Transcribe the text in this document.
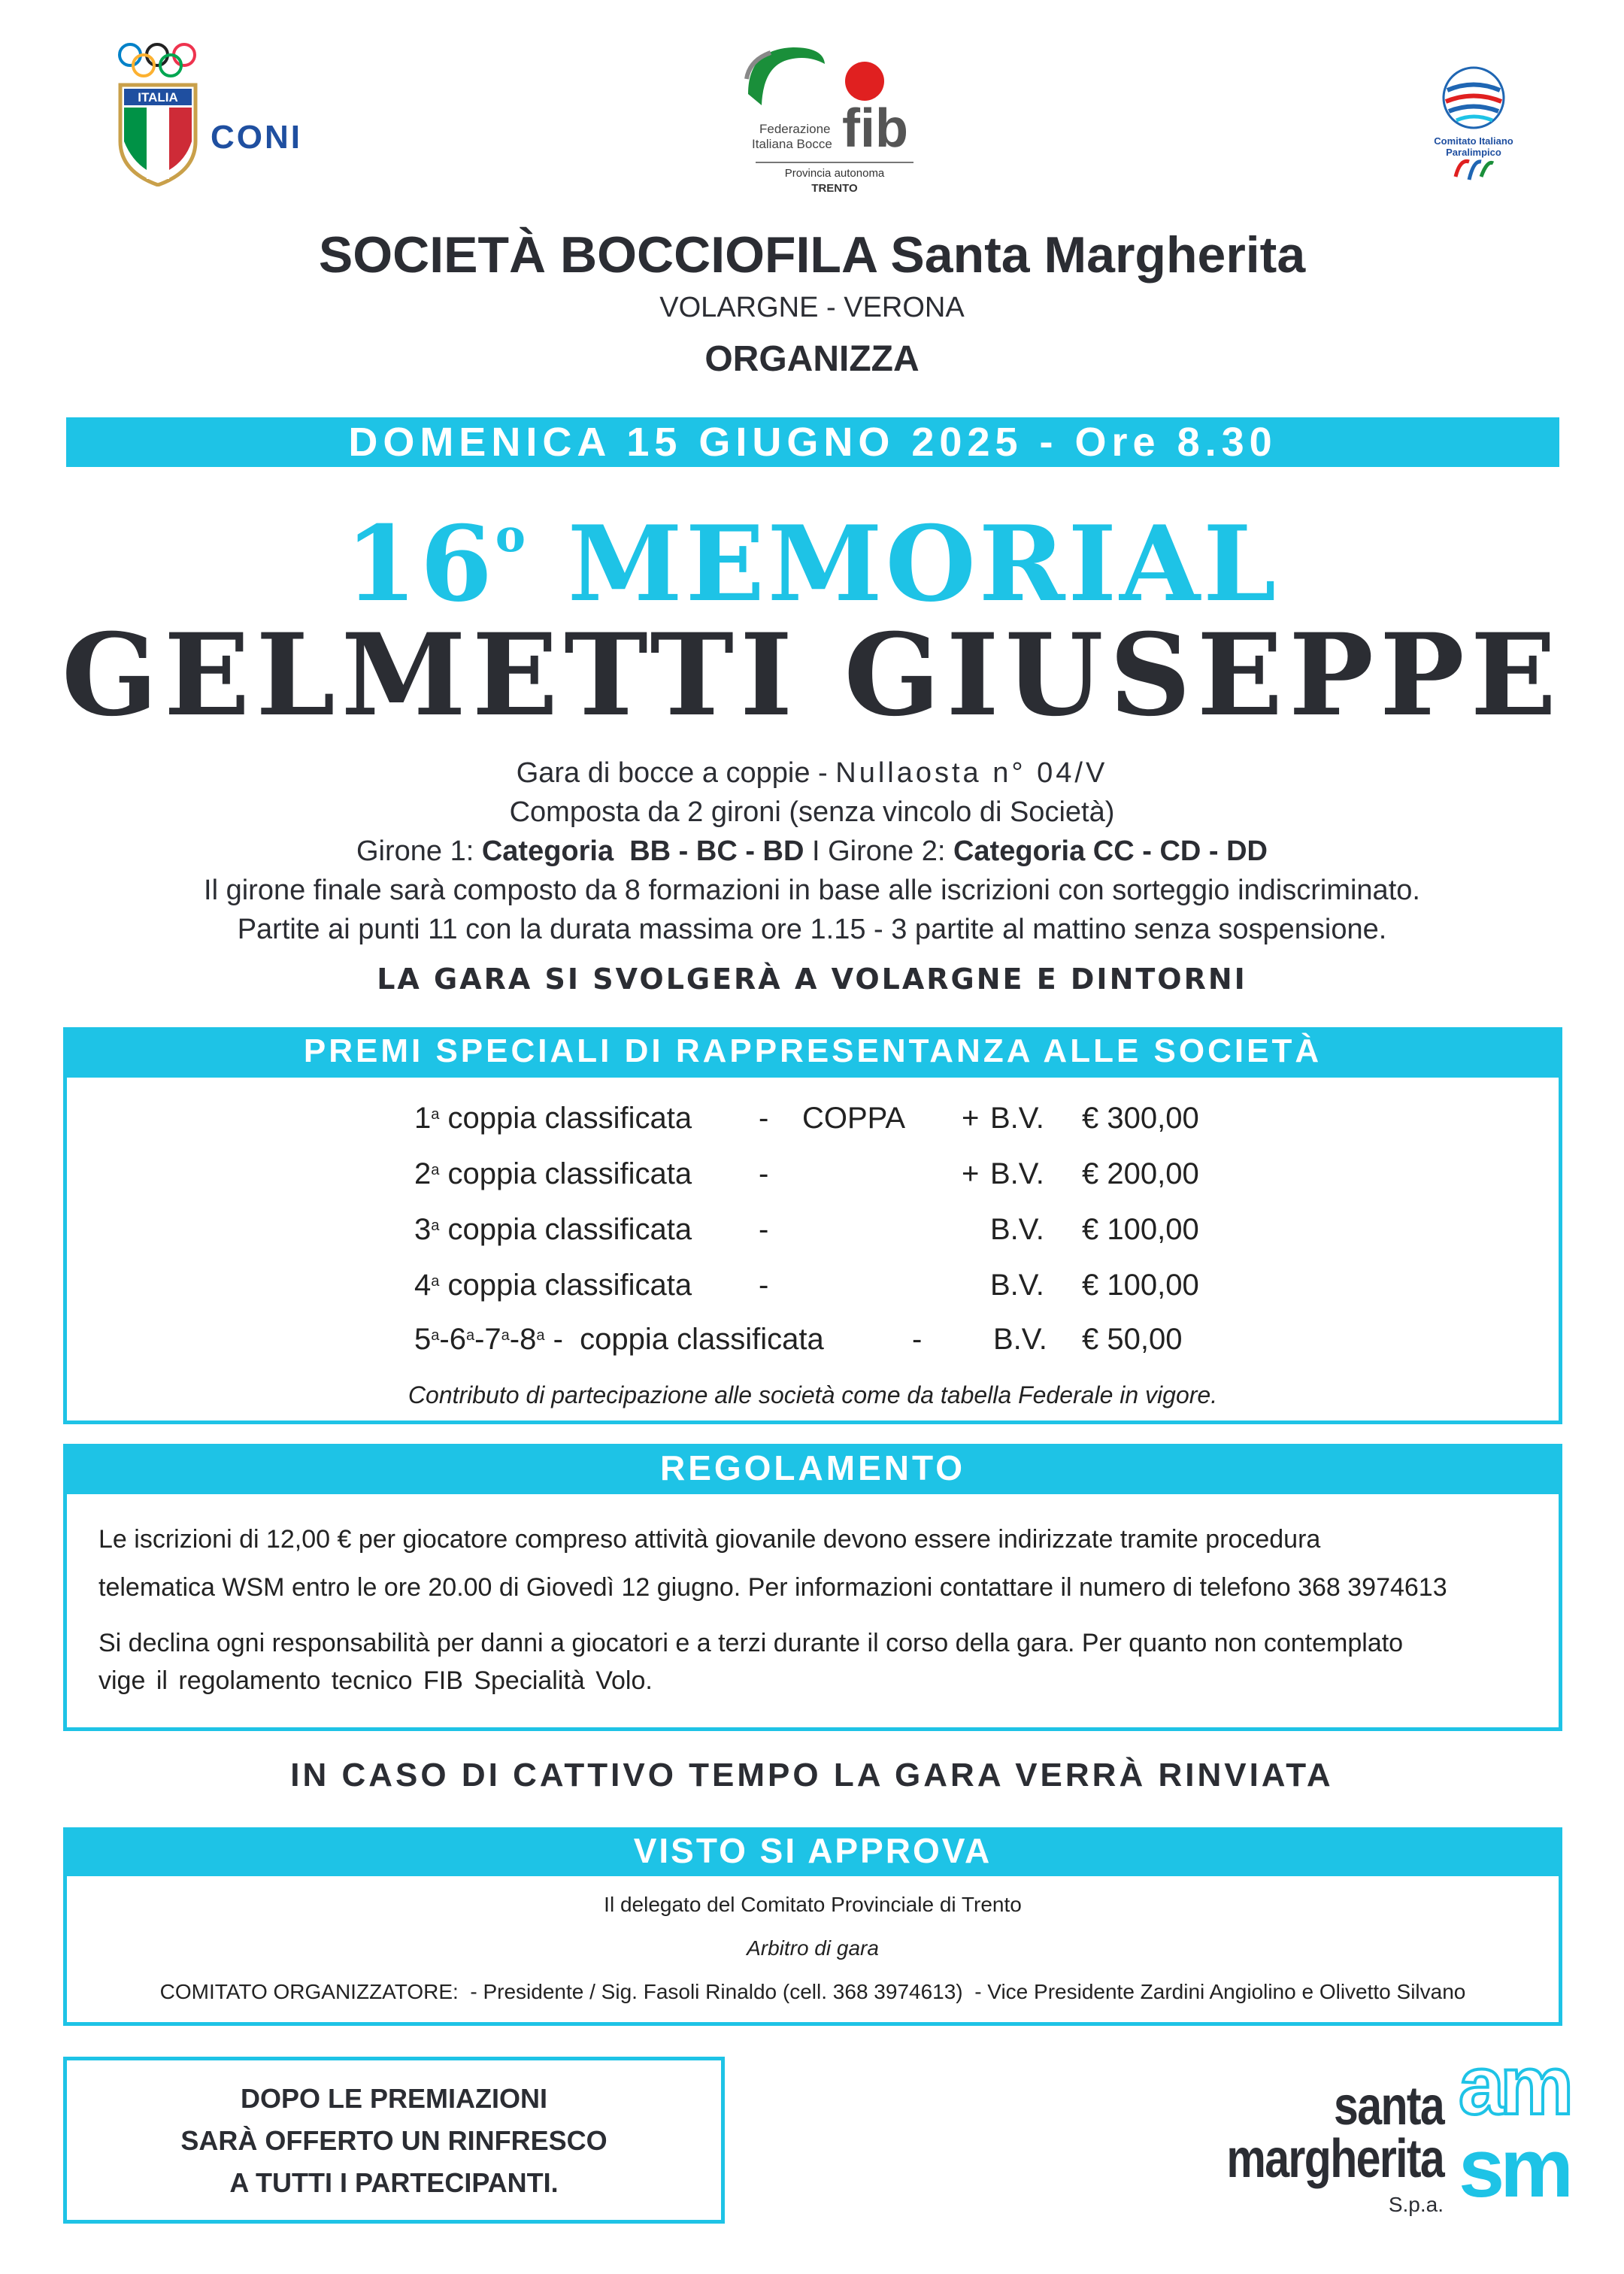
ITALIA
CONI	Federazione
Italiana Bocce fib
Provincia autonoma
TRENTO
Comitato Italiano Paralimpico
SOCIETÀ BOCCIOFILA Santa Margherita
VOLARGNE - VERONA
ORGANIZZA
DOMENICA 15 GIUGNO 2025 - Ore 8.30
16$^o$ MEMORIAL
GELMETTI GIUSEPPE
Gara di bocce a coppie - Nullaosta n° 04/V
Composta da 2 gironi (senza vincolo di Società)
Girone 1: Categoria  BB - BC - BD I Girone 2: Categoria CC - CD - DD
Il girone finale sarà composto da 8 formazioni in base alle iscrizioni con sorteggio indiscriminato.
Partite ai punti 11 con la durata massima ore 1.15 - 3 partite al mattino senza sospensione.
LA GARA SI SVOLGERÀ A VOLARGNE E DINTORNI
PREMI SPECIALI DI RAPPRESENTANZA ALLE SOCIETÀ
1$^a$ coppia classificata - COPPA + B.V. € 300,00
2$^a$ coppia classificata -	+ B.V. € 200,00
3$^a$ coppia classificata -	B.V. € 100,00
4$^a$ coppia classificata -	B.V. € 100,00
5$^a$-6$^a$-7$^a$-8$^a$ -  coppia classificata	- B.V. € 50,00
Contributo di partecipazione alle società come da tabella Federale in vigore.
REGOLAMENTO
Le iscrizioni di 12,00 € per giocatore compreso attività giovanile devono essere indirizzate tramite procedura
telematica WSM entro le ore 20.00 di Giovedì 12 giugno. Per informazioni contattare il numero di telefono 368 3974613
Si declina ogni responsabilità per danni a giocatori e a terzi durante il corso della gara. Per quanto non contemplato
vige il regolamento tecnico FIB Specialità Volo.
IN CASO DI CATTIVO TEMPO LA GARA VERRÀ RINVIATA
VISTO SI APPROVA
Il delegato del Comitato Provinciale di Trento
Arbitro di gara
COMITATO ORGANIZZATORE:  - Presidente / Sig. Fasoli Rinaldo (cell. 368 3974613)  - Vice Presidente Zardini Angiolino e Olivetto Silvano
DOPO LE PREMIAZIONI
SARÀ OFFERTO UN RINFRESCO
A TUTTI I PARTECIPANTI.
santa
margherita
S.p.a.
am
sm
